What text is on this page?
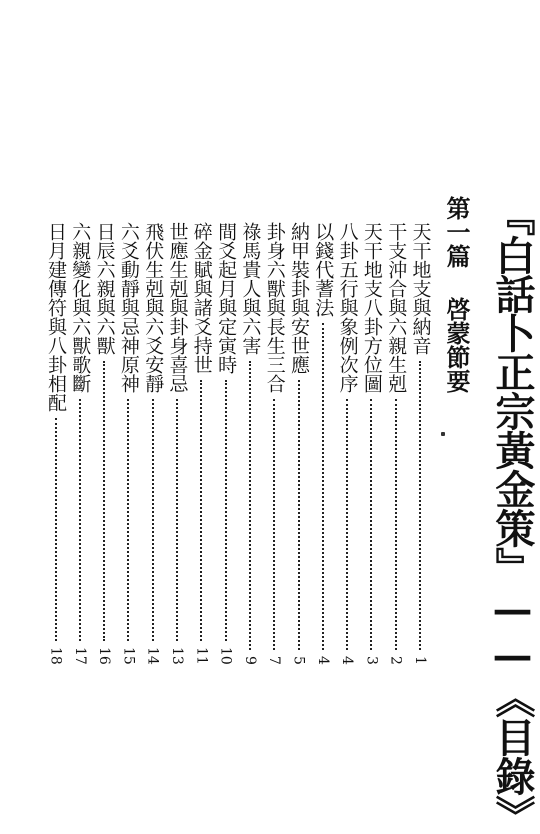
『白話卜正宗黃金策』——《目錄》
第一篇 啓蒙節要
天干地支與納音
1
干支沖合與六親生剋
2
天干地支八卦方位圖
3
八卦五行與象例次序
4
以錢代蓍法
4
納甲裝卦與安世應
5
卦身六獸與長生三合
7
祿馬貴人與六害
9
間爻起月與定寅時
10
碎金賦與諸爻持世
11
世應生剋與卦身喜忌
13
飛伏生剋與六爻安靜
14
六爻動靜與忌神原神
15
日辰六親與六獸
16
六親變化與六獸歌斷
17
日月建傳符與八卦相配
18
